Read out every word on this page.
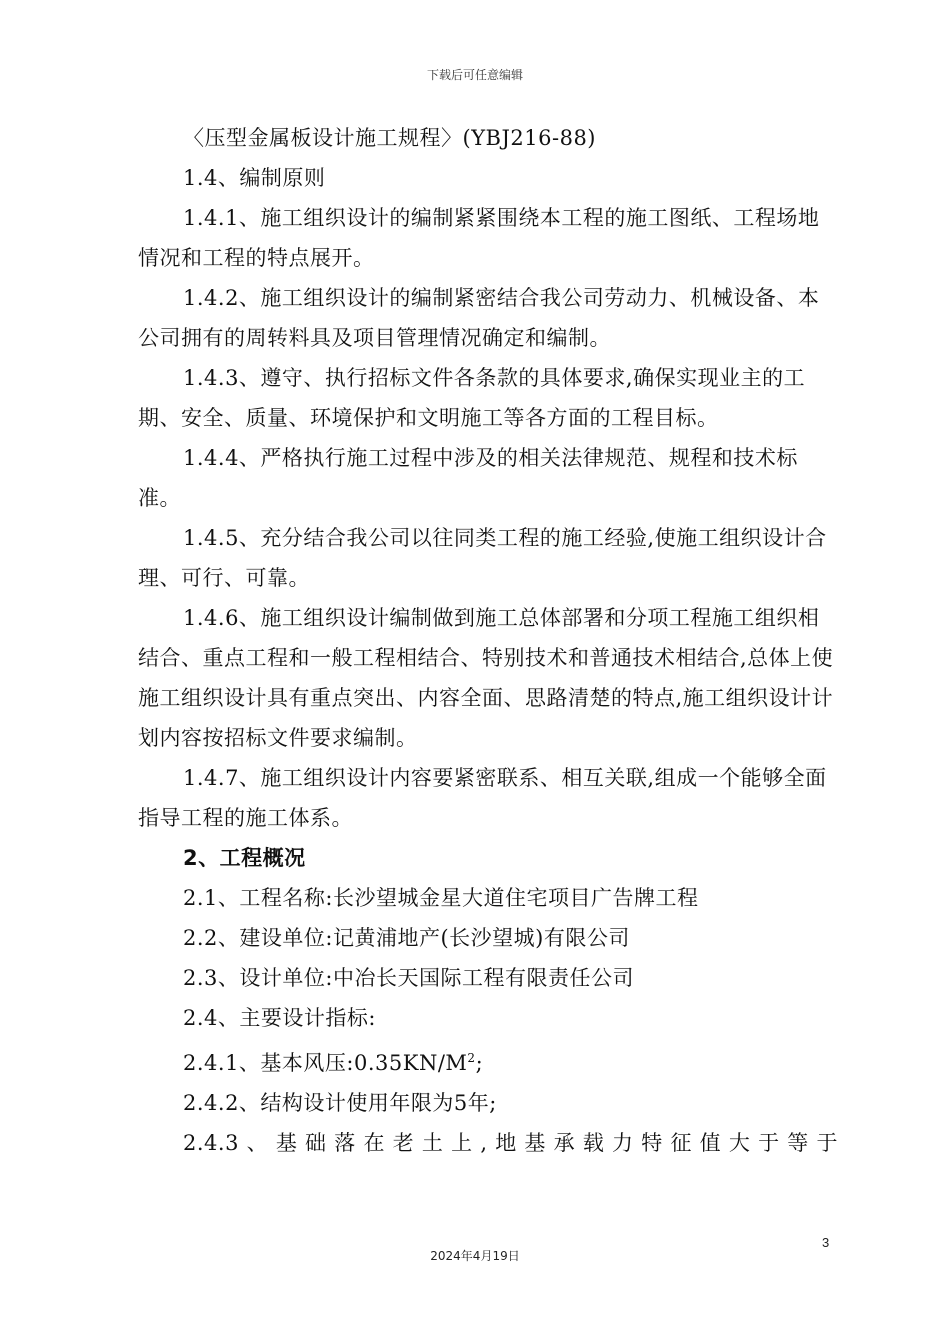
下载后可任意编辑

〈压型金属板设计施工规程〉(YBJ216-88)

1.4、编制原则

1.4.1、施工组织设计的编制紧紧围绕本工程的施工图纸、工程场地情况和工程的特点展开。

1.4.2、施工组织设计的编制紧密结合我公司劳动力、机械设备、本公司拥有的周转料具及项目管理情况确定和编制。

1.4.3、遵守、执行招标文件各条款的具体要求,确保实现业主的工期、安全、质量、环境保护和文明施工等各方面的工程目标。

1.4.4、严格执行施工过程中涉及的相关法律规范、规程和技术标准。

1.4.5、充分结合我公司以往同类工程的施工经验,使施工组织设计合理、可行、可靠。

1.4.6、施工组织设计编制做到施工总体部署和分项工程施工组织相结合、重点工程和一般工程相结合、特别技术和普通技术相结合,总体上使施工组织设计具有重点突出、内容全面、思路清楚的特点,施工组织设计计划内容按招标文件要求编制。

1.4.7、施工组织设计内容要紧密联系、相互关联,组成一个能够全面指导工程的施工体系。

2、工程概况

2.1、工程名称:长沙望城金星大道住宅项目广告牌工程

2.2、建设单位:记黄浦地产(长沙望城)有限公司

2.3、设计单位:中冶长天国际工程有限责任公司

2.4、主要设计指标:

2.4.1、基本风压$:0.35KN/M^2$;

2.4.2、结构设计使用年限为5年;

2.4.3、基础落在老土上,地基承载力特征值大于等于

3
2024年4月19日
